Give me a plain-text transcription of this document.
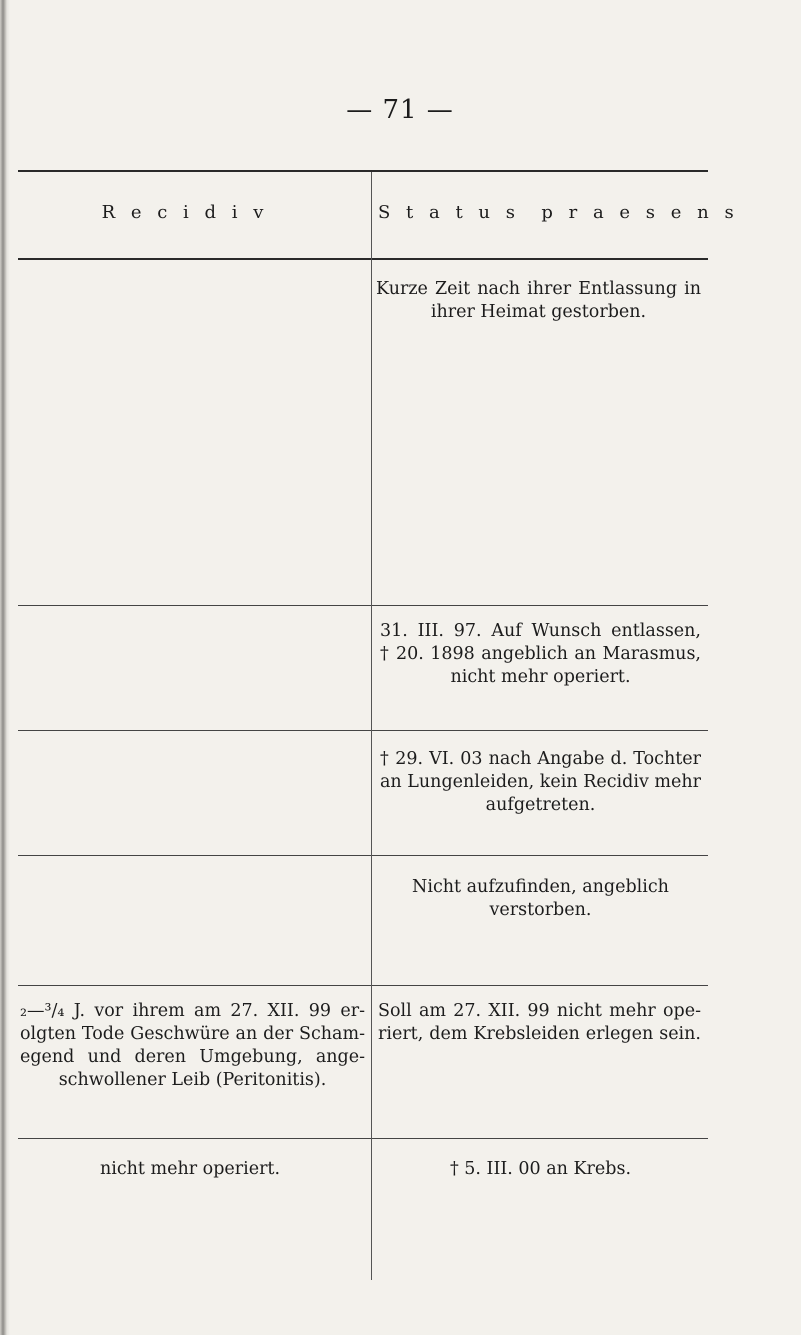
— 71 —
R e c i d i v	S t a t u s  p r a e s e n s
Kurze Zeit nach ihrer Entlassung in
ihrer Heimat gestorben.
31. III. 97. Auf Wunsch entlassen,
† 20. 1898 angeblich an Marasmus,
nicht mehr operiert.
† 29. VI. 03 nach Angabe d. Tochter
an Lungenleiden, kein Recidiv mehr
aufgetreten.
Nicht aufzufinden, angeblich
verstorben.
₂—³/₄ J. vor ihrem am 27. XII. 99 er-
olgten Tode Geschwüre an der Scham-
egend und deren Umgebung, ange-
schwollener Leib (Peritonitis).
Soll am 27. XII. 99 nicht mehr ope-
riert, dem Krebsleiden erlegen sein.
nicht mehr operiert.	† 5. III. 00 an Krebs.
